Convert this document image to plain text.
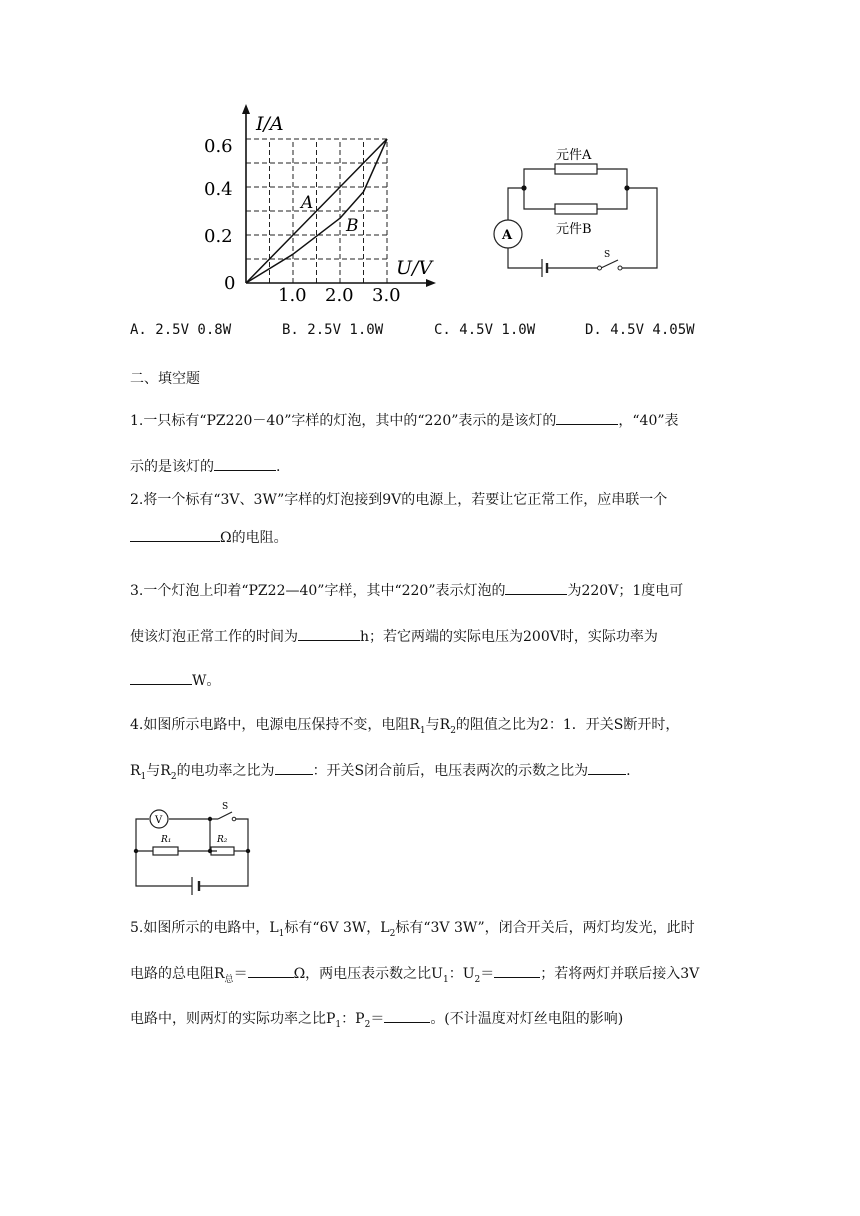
I/A
U/V
0
0.6
0.4
0.2
1.0 2.0 3.0
A
B
元件A
元件B
A
S
A. 2.5V 0.8W	B. 2.5V 1.0W	C. 4.5V 1.0W	D. 4.5V 4.05W
二、填空题
1.一只标有“PZ220－40”字样的灯泡，其中的“220”表示的是该灯的	，“40”表
示的是该灯的	.
2.将一个标有“3V、3W”字样的灯泡接到9V的电源上，若要让它正常工作，应串联一个
Ω的电阻。
3.一个灯泡上印着“PZ22—40”字样，其中“220”表示灯泡的	为220V；1度电可
使该灯泡正常工作的时间为	h；若它两端的实际电压为200V时，实际功率为
W。
4.如图所示电路中，电源电压保持不变，电阻$R_1$与$R_2$的阻值之比为2：1．开关S断开时，
$R_1$与$R_2$的电功率之比为	：开关S闭合前后，电压表两次的示数之比为	.
V
S
R₁	R₂
5.如图所示的电路中，$L_1$标有“6V 3W，$L_2$标有“3V 3W”，闭合开关后，两灯均发光，此时
电路的总电阻$R_总=$	Ω，两电压表示数之比$U_1$：$U_2=$	；若将两灯并联后接入3V
电路中，则两灯的实际功率之比$P_1$：$P_2=$	。(不计温度对灯丝电阻的影响)
